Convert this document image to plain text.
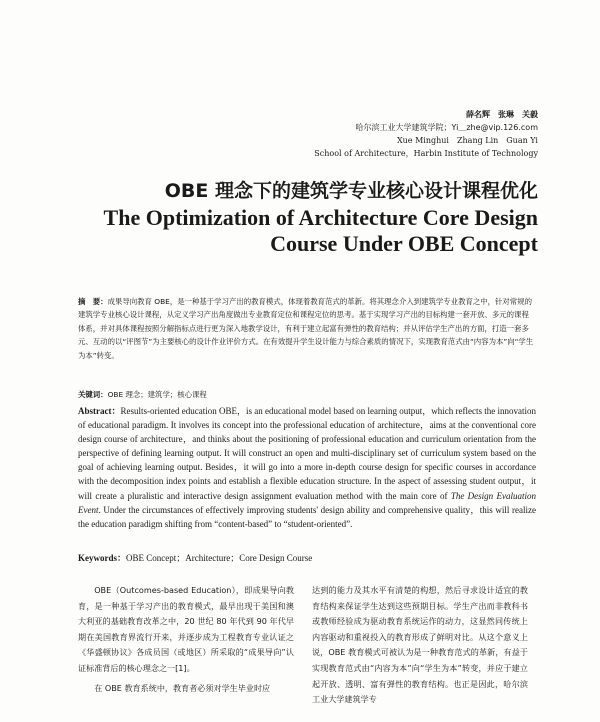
薛名辉　张琳　关毅
哈尔滨工业大学建筑学院；Yi＿zhe@vip.126.com
Xue Minghui　Zhang Lin　Guan Yi
School of Architecture，Harbin Institute of Technology
OBE 理念下的建筑学专业核心设计课程优化
The Optimization of Architecture Core Design
Course Under OBE Concept
摘　要：成果导向教育 OBE，是一种基于学习产出的教育模式，体现着教育范式的革新。将其理念介入到建筑学专业教育之中，针对常规的建筑学专业核心设计课程，从定义学习产出角度做出专业教育定位和课程定位的思考。基于实现学习产出的目标构建一套开放、多元的课程体系，并对具体课程按照分解指标点进行更为深入地教学设计，有利于建立起富有弹性的教育结构；并从评估学生产出的方面，打造一套多元、互动的以“评图节”为主要核心的设计作业评价方式。在有效提升学生设计能力与综合素质的情况下，实现教育范式由“内容为本”向“学生为本”转变。
关键词：OBE 理念；建筑学；核心课程
Abstract：Results-oriented education OBE，is an educational model based on learning output，which reflects the innovation of educational paradigm. It involves its concept into the professional education of architecture，aims at the conventional core design course of architecture，and thinks about the positioning of professional education and curriculum orientation from the perspective of defining learning output. It will construct an open and multi-disciplinary set of curriculum system based on the goal of achieving learning output. Besides，it will go into a more in-depth course design for specific courses in accordance with the decomposition index points and establish a flexible education structure. In the aspect of assessing student output，it will create a pluralistic and interactive design assignment evaluation method with the main core of The Design Evaluation Event. Under the circumstances of effectively improving students' design ability and comprehensive quality，this will realize the education paradigm shifting from “content-based” to “student-oriented”.
Keywords：OBE Concept；Architecture；Core Design Course
OBE（Outcomes-based Education），即成果导向教育，是一种基于学习产出的教育模式，最早出现于美国和澳大利亚的基础教育改革之中，20 世纪 80 年代到 90 年代早期在美国教育界流行开来，并逐步成为工程教育专业认证之《华盛顿协议》各成员国（或地区）所采取的“成果导向”认证标准背后的核心理念之一[1]。
在 OBE 教育系统中，教育者必须对学生毕业时应
达到的能力及其水平有清楚的构想，然后寻求设计适宜的教育结构来保证学生达到这些预期目标。学生产出而非教科书或教师经验成为驱动教育系统运作的动力，这显然同传统上内容驱动和重视投入的教育形成了鲜明对比。从这个意义上说，OBE 教育模式可被认为是一种教育范式的革新，有益于实现教育范式由“内容为本”向“学生为本”转变，并应于建立起开放、透明、富有弹性的教育结构。也正是因此，哈尔滨工业大学建筑学专
